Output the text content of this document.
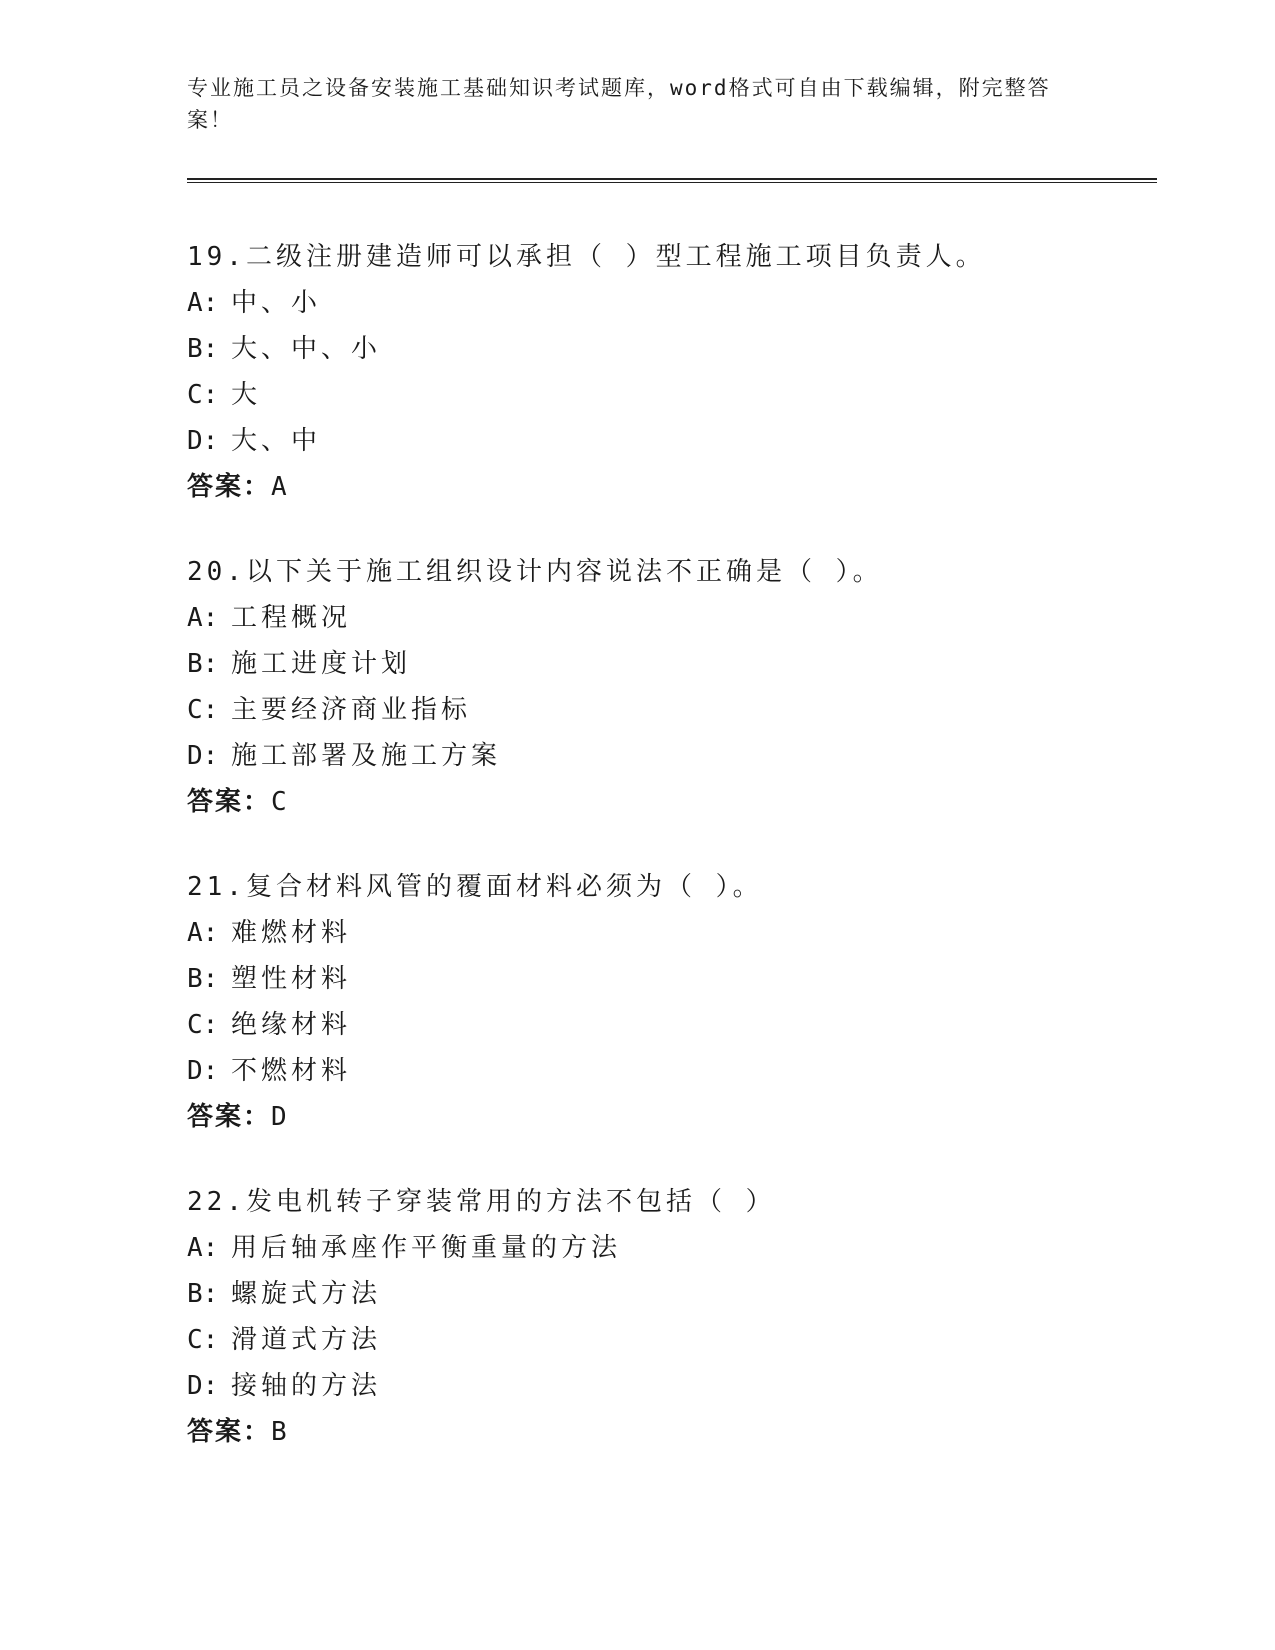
专业施工员之设备安装施工基础知识考试题库，word格式可自由下载编辑，附完整答案！
19.二级注册建造师可以承担（ ）型工程施工项目负责人。
A: 中、小
B: 大、中、小
C: 大
D: 大、中
答案：A
20.以下关于施工组织设计内容说法不正确是（ ）。
A: 工程概况
B: 施工进度计划
C: 主要经济商业指标
D: 施工部署及施工方案
答案：C
21.复合材料风管的覆面材料必须为（ ）。
A: 难燃材料
B: 塑性材料
C: 绝缘材料
D: 不燃材料
答案：D
22.发电机转子穿装常用的方法不包括（ ）
A: 用后轴承座作平衡重量的方法
B: 螺旋式方法
C: 滑道式方法
D: 接轴的方法
答案：B
